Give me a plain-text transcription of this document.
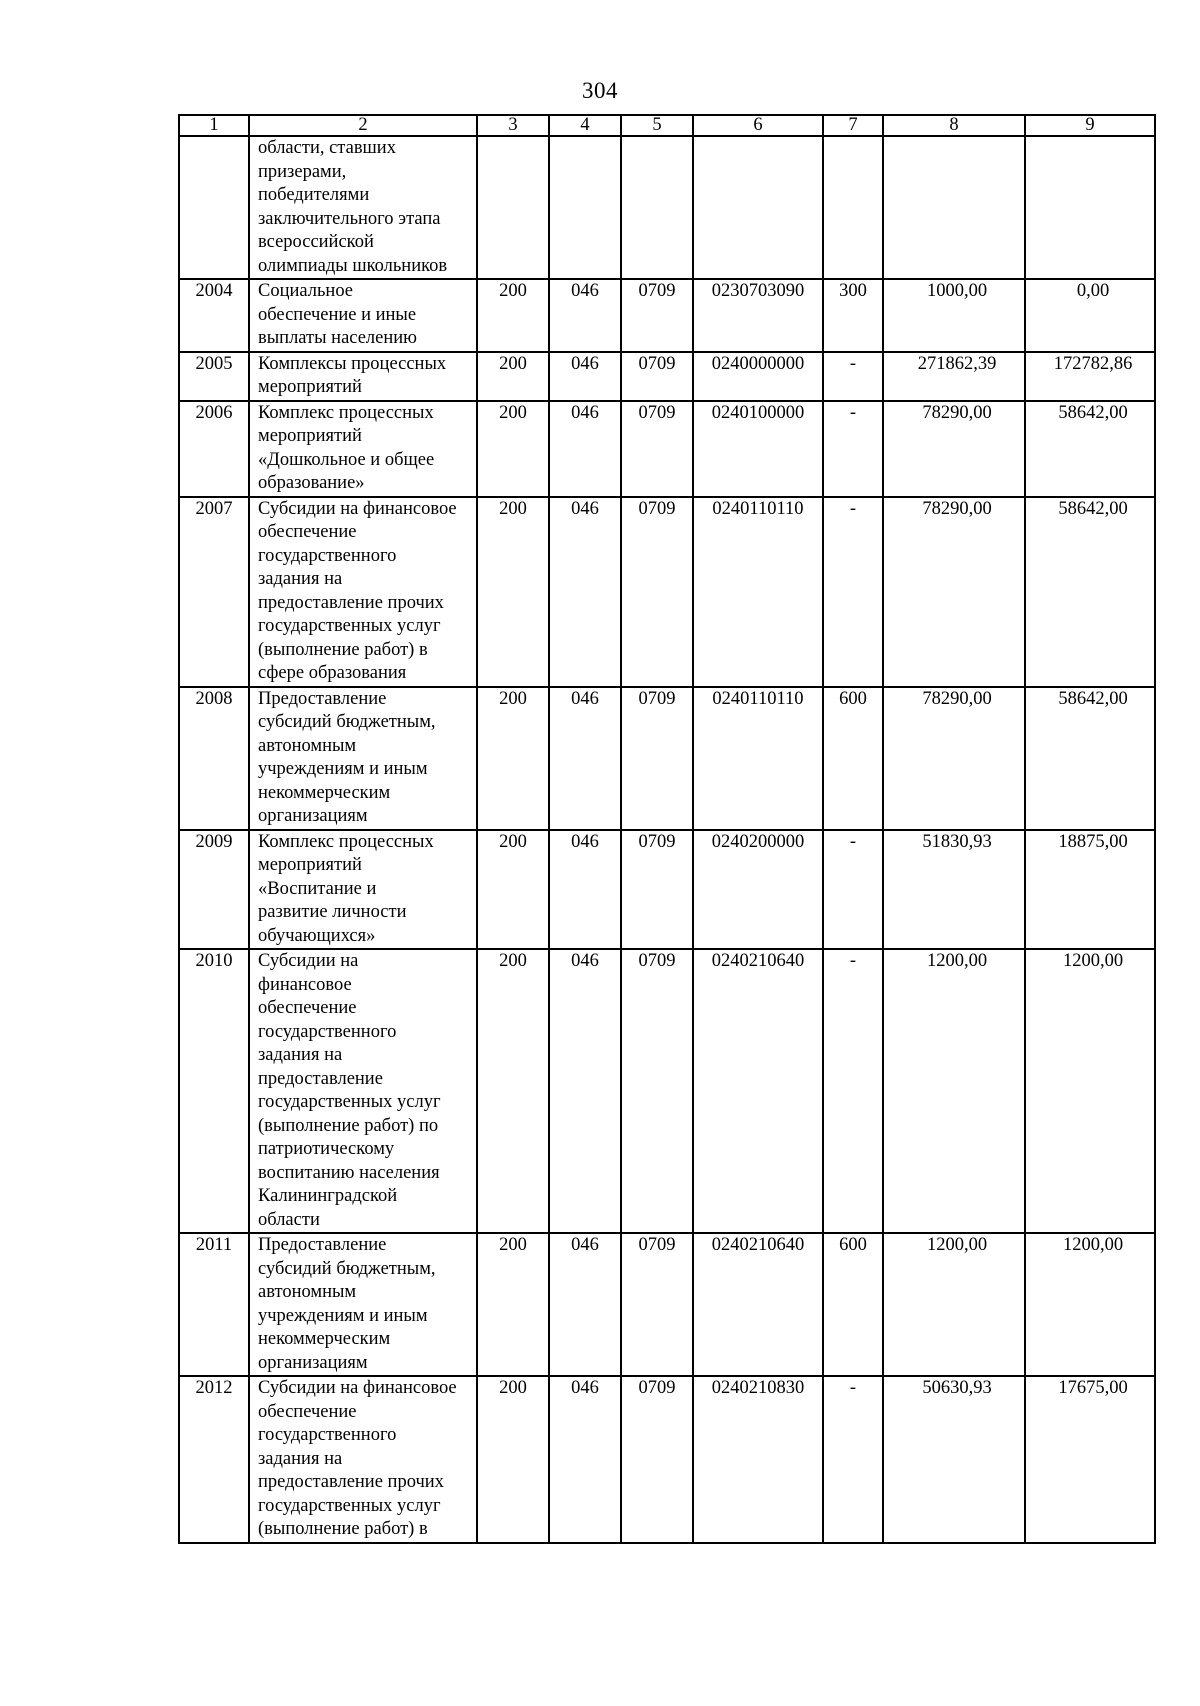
304
1	2	3	4	5	6	7	8	9

	области, ставших призерами, победителями заключительного этапа всероссийской олимпиады школьников							

2004	Социальное обеспечение и иные выплаты населению	200	046	0709	0230703090	300	1000,00	0,00
2005	Комплексы процессных мероприятий	200	046	0709	0240000000	-	271862,39	172782,86
2006	Комплекс процессных мероприятий «Дошкольное и общее образование»	200	046	0709	0240100000	-	78290,00	58642,00
2007	Субсидии на финансовое обеспечение государственного задания на предоставление прочих государственных услуг (выполнение работ) в сфере образования	200	046	0709	0240110110	-	78290,00	58642,00
2008	Предоставление субсидий бюджетным, автономным учреждениям и иным некоммерческим организациям	200	046	0709	0240110110	600	78290,00	58642,00
2009	Комплекс процессных мероприятий «Воспитание и развитие личности обучающихся»	200	046	0709	0240200000	-	51830,93	18875,00
2010	Субсидии на финансовое обеспечение государственного задания на предоставление государственных услуг (выполнение работ) по патриотическому воспитанию населения Калининградской области	200	046	0709	0240210640	-	1200,00	1200,00
2011	Предоставление субсидий бюджетным, автономным учреждениям и иным некоммерческим организациям	200	046	0709	0240210640	600	1200,00	1200,00
2012	Субсидии на финансовое обеспечение государственного задания на предоставление прочих государственных услуг (выполнение работ) в	200	046	0709	0240210830	-	50630,93	17675,00
